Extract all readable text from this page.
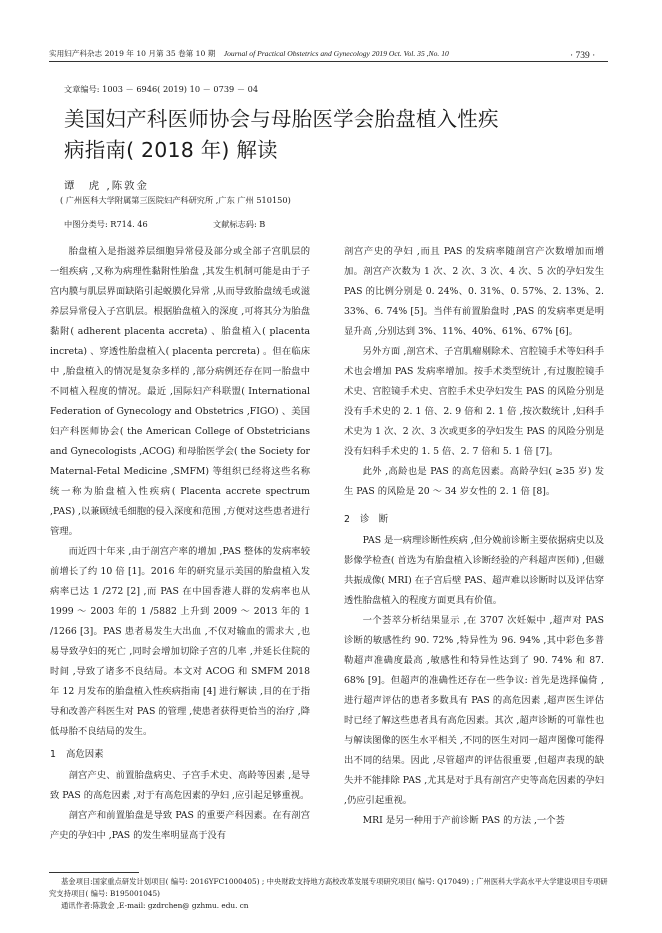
实用妇产科杂志 2019 年 10 月第 35 卷第 10 期 Journal of Practical Obstetrics and Gynecology 2019 Oct. Vol. 35 ,No. 10	· 739 ·
文章编号: 1003 － 6946( 2019) 10 － 0739 － 04
美国妇产科医师协会与母胎医学会胎盘植入性疾
病指南( 2018 年) 解读
谭　虎 ,陈敦金
( 广州医科大学附属第三医院妇产科研究所 ,广东 广州 510150)
中图分类号: R714. 46	文献标志码: B

胎盘植入是指滋养层细胞异常侵及部分或全部子宫肌层的一组疾病 ,又称为病理性黏附性胎盘 ,其发生机制可能是由于子宫内膜与肌层界面缺陷引起蜕膜化异常 ,从而导致胎盘绒毛或滋养层异常侵入子宫肌层。根据胎盘植入的深度 ,可将其分为胎盘黏附( adherent placenta accreta) 、胎盘植入( placenta increta) 、穿透性胎盘植入( placenta percreta) 。但在临床中 ,胎盘植入的情况是复杂多样的 ,部分病例还存在同一胎盘中不同植入程度的情况。最近 ,国际妇产科联盟( International Federation of Gynecology and Obstetrics ,FIGO) 、美国妇产科医师协会( the American College of Obstetricians and Gynecologists ,ACOG) 和母胎医学会( the Society for Maternal-Fetal Medicine ,SMFM) 等组织已经将这些名称统一称为胎盘植入性疾病( Placenta accrete spectrum ,PAS) ,以兼顾绒毛细胞的侵入深度和范围 ,方便对这些患者进行管理。

而近四十年来 ,由于剖宫产率的增加 ,PAS 整体的发病率较前增长了约 10 倍 [1]。2016 年的研究显示美国的胎盘植入发病率已达 1 /272 [2] ,而 PAS 在中国香港人群的发病率也从 1999 ～ 2003 年的 1 /5882 上升到 2009 ～ 2013 年的 1 /1266 [3]。PAS 患者易发生大出血 ,不仅对输血的需求大 ,也易导致孕妇的死亡 ,同时会增加切除子宫的几率 ,并延长住院的时间 ,导致了诸多不良结局。本文对 ACOG 和 SMFM 2018 年 12 月发布的胎盘植入性疾病指南 [4] 进行解读 ,目的在于指导和改善产科医生对 PAS 的管理 ,使患者获得更恰当的治疗 ,降低母胎不良结局的发生。

1 高危因素

剖宫产史、前置胎盘病史、子宫手术史、高龄等因素 ,是导致 PAS 的高危因素 ,对于有高危因素的孕妇 ,应引起足够重视。

剖宫产和前置胎盘是导致 PAS 的重要产科因素。在有剖宫产史的孕妇中 ,PAS 的发生率明显高于没有

剖宫产史的孕妇 ,而且 PAS 的发病率随剖宫产次数增加而增加。剖宫产次数为 1 次、2 次、3 次、4 次、5 次的孕妇发生 PAS 的比例分别是 0. 24%、0. 31%、0. 57%、2. 13%、2. 33%、6. 74% [5]。当伴有前置胎盘时 ,PAS 的发病率更是明显升高 ,分别达到 3%、11%、40%、61%、67% [6]。

另外方面 ,剖宫术、子宫肌瘤剔除术、宫腔镜手术等妇科手术也会增加 PAS 发病率增加。按手术类型统计 ,有过腹腔镜手术史、宫腔镜手术史、宫腔手术史孕妇发生 PAS 的风险分别是没有手术史的 2. 1 倍、2. 9 倍和 2. 1 倍 ,按次数统计 ,妇科手术史为 1 次、2 次、3 次或更多的孕妇发生 PAS 的风险分别是没有妇科手术史的 1. 5 倍、2. 7 倍和 5. 1 倍 [7]。

此外 ,高龄也是 PAS 的高危因素。高龄孕妇( ≥35 岁) 发生 PAS 的风险是 20 ～ 34 岁女性的 2. 1 倍 [8]。

2 诊　断

PAS 是一病理诊断性疾病 ,但分娩前诊断主要依据病史以及影像学检查( 首选为有胎盘植入诊断经验的产科超声医师) ,但磁共振成像( MRI) 在子宫后壁 PAS、超声难以诊断时以及评估穿透性胎盘植入的程度方面更具有价值。

一个荟萃分析结果显示 ,在 3707 次妊娠中 ,超声对 PAS 诊断的敏感性约 90. 72% ,特异性为 96. 94% ,其中彩色多普勒超声准确度最高 ,敏感性和特异性达到了 90. 74% 和 87. 68% [9]。但超声的准确性还存在一些争议: 首先是选择偏倚 ,进行超声评估的患者多数具有 PAS 的高危因素 ,超声医生评估时已经了解这些患者具有高危因素。其次 ,超声诊断的可靠性也与解读图像的医生水平相关 ,不同的医生对同一超声图像可能得出不同的结果。因此 ,尽管超声的评估很重要 ,但超声表现的缺失并不能排除 PAS ,尤其是对于具有剖宫产史等高危因素的孕妇 ,仍应引起重视。

MRI 是另一种用于产前诊断 PAS 的方法 ,一个荟

基金项目:国家重点研发计划项目( 编号: 2016YFC1000405) ; 中央财政支持地方高校改革发展专项研究项目( 编号: Q17049) ; 广州医科大学高水平大学建设项目专项研究支持项目( 编号: B195001045)
通讯作者:陈敦金 ,E-mail: gzdrchen@ gzhmu. edu. cn
